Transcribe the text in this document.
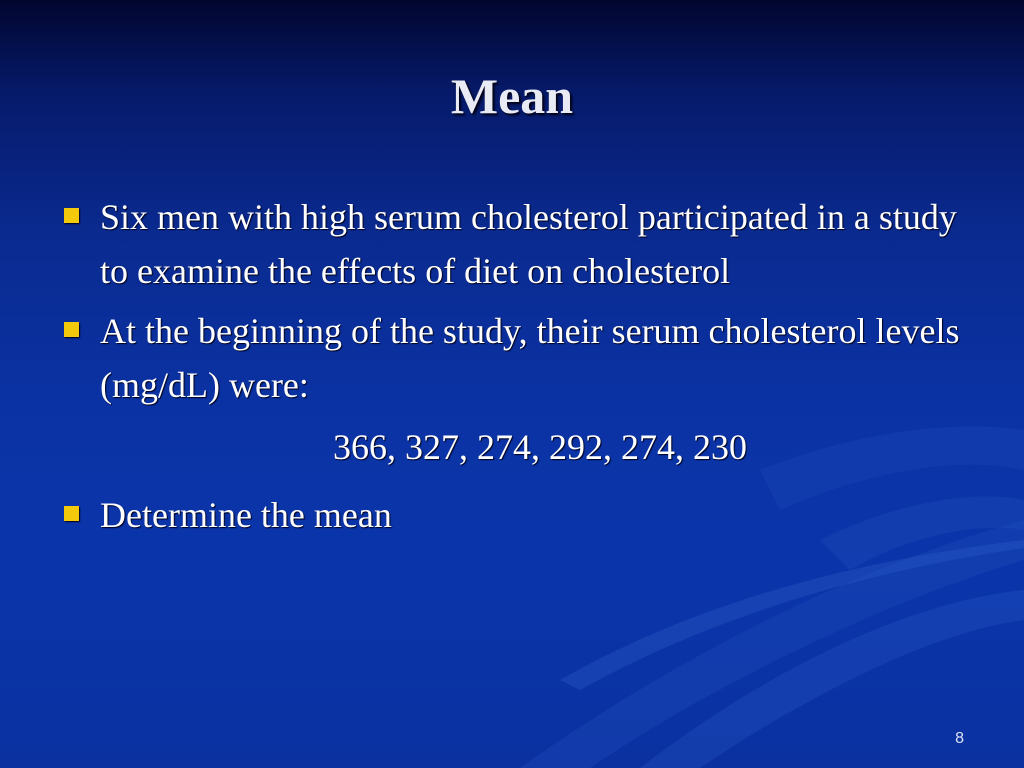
Mean
Six men with high serum cholesterol participated in a study to examine the effects of diet on cholesterol
At the beginning of the study, their serum cholesterol levels (mg/dL) were:
366, 327, 274, 292, 274, 230
Determine the mean
8
